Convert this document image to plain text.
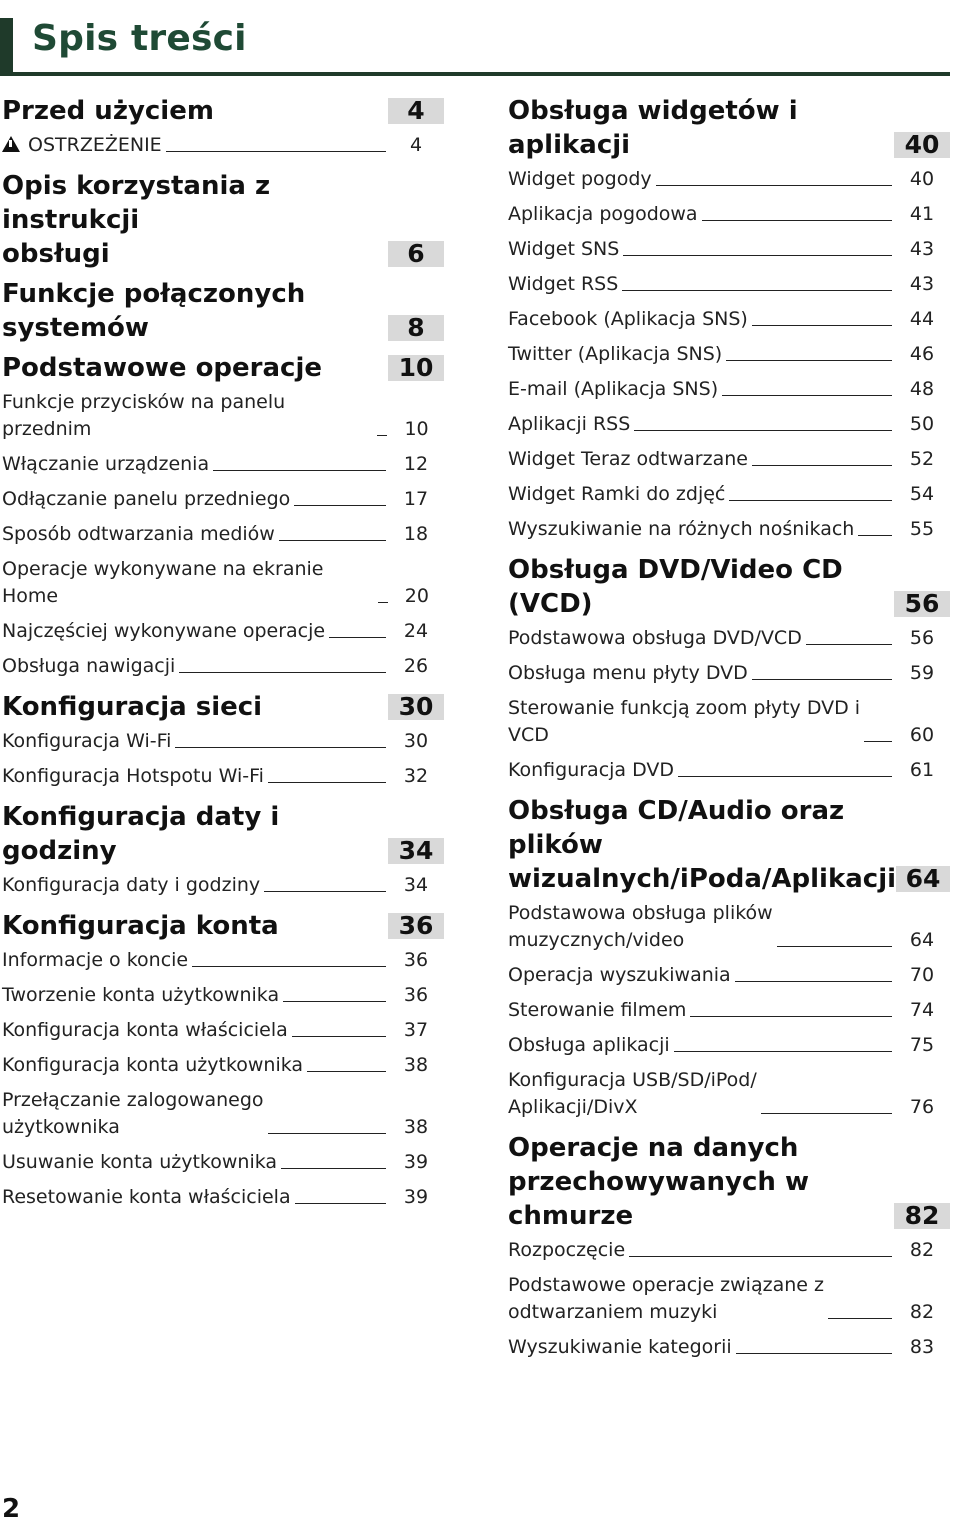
Spis treści
Przed użyciem	4
OSTRZEŻENIE	4
Opis korzystania z instrukcji
obsługi	6
Funkcje połączonych
systemów	8
Podstawowe operacje	10
Funkcje przycisków na panelu przednim	10
Włączanie urządzenia	12
Odłączanie panelu przedniego	17
Sposób odtwarzania mediów	18
Operacje wykonywane na ekranie Home	20
Najczęściej wykonywane operacje	24
Obsługa nawigacji	26
Konfiguracja sieci	30
Konfiguracja Wi-Fi	30
Konfiguracja Hotspotu Wi-Fi	32
Konfiguracja daty i godziny	34
Konfiguracja daty i godziny	34
Konfiguracja konta	36
Informacje o koncie	36
Tworzenie konta użytkownika	36
Konfiguracja konta właściciela	37
Konfiguracja konta użytkownika	38
Przełączanie zalogowanego
użytkownika	38
Usuwanie konta użytkownika	39
Resetowanie konta właściciela	39
Obsługa widgetów i aplikacji	40
Widget pogody	40
Aplikacja pogodowa	41
Widget SNS	43
Widget RSS	43
Facebook (Aplikacja SNS)	44
Twitter (Aplikacja SNS)	46
E-mail (Aplikacja SNS)	48
Aplikacji RSS	50
Widget Teraz odtwarzane	52
Widget Ramki do zdjęć	54
Wyszukiwanie na różnych nośnikach	55
Obsługa DVD/Video CD (VCD)	56
Podstawowa obsługa DVD/VCD	56
Obsługa menu płyty DVD	59
Sterowanie funkcją zoom płyty DVD i
VCD	60
Konfiguracja DVD	61
Obsługa CD/Audio oraz plików
wizualnych/iPoda/Aplikacji 64
Podstawowa obsługa plików
muzycznych/video	64
Operacja wyszukiwania	70
Sterowanie filmem	74
Obsługa aplikacji	75
Konfiguracja USB/SD/iPod/
Aplikacji/DivX	76
Operacje na danych
przechowywanych w chmurze	82
Rozpoczęcie	82
Podstawowe operacje związane z
odtwarzaniem muzyki	82
Wyszukiwanie kategorii	83
2
